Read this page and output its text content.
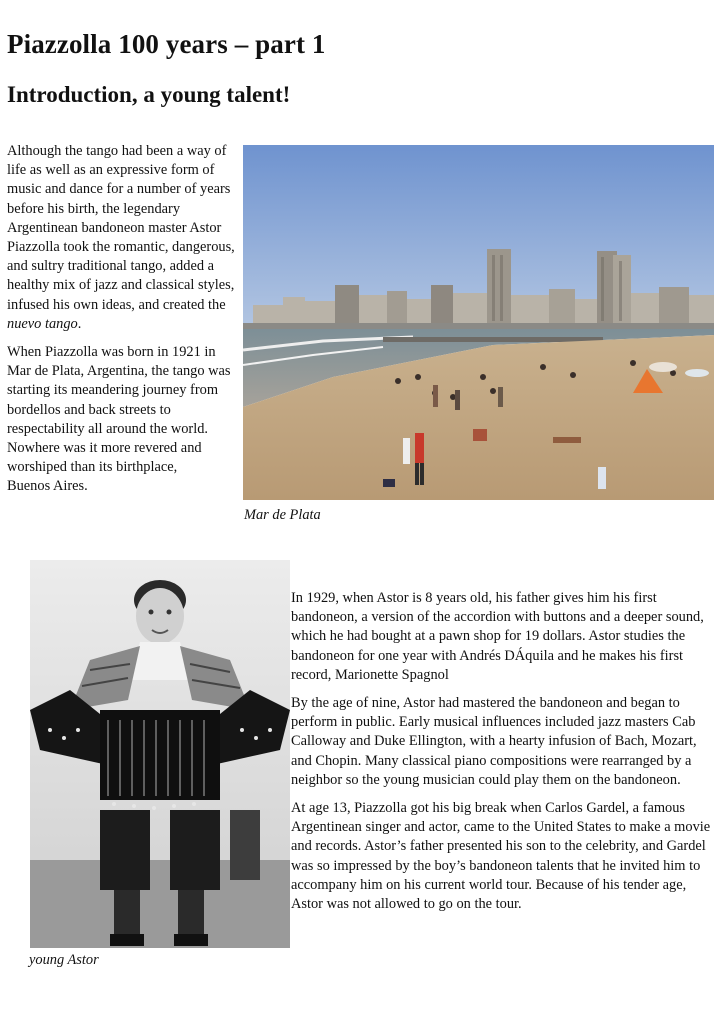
Piazzolla 100 years – part 1
Introduction, a young talent!

Although the tango had been a way of life as well as an expressive form of music and dance for a number of years before his birth, the legendary Argentinean bandoneon master Astor Piazzolla took the romantic, dangerous, and sultry traditional tango, added a healthy mix of jazz and classical styles, infused his own ideas, and created the nuevo tango.

When Piazzolla was born in 1921 in Mar de Plata, Argentina, the tango was starting its meandering journey from bordellos and back streets to respectability all around the world. Nowhere was it more revered and worshiped than its birthplace,
Buenos Aires.

Mar de Plata
young Astor

In 1929, when Astor is 8 years old, his father gives him his first bandoneon, a version of the accordion with buttons and a deeper sound, which he had bought at a pawn shop for 19 dollars. Astor studies the bandoneon for one year with Andrés DÁquila and he makes his first record, Marionette Spagnol

By the age of nine, Astor had mastered the bandoneon and began to perform in public. Early musical influences included jazz masters Cab Calloway and Duke Ellington, with a hearty infusion of Bach, Mozart, and Chopin. Many classical piano compositions were rearranged by a neighbor so the young musician could play them on the bandoneon.

At age 13, Piazzolla got his big break when Carlos Gardel, a famous Argentinean singer and actor, came to the United States to make a movie and records. Astor’s father presented his son to the celebrity, and Gardel was so impressed by the boy’s bandoneon talents that he invited him to accompany him on his current world tour. Because of his tender age, Astor was not allowed to go on the tour.
